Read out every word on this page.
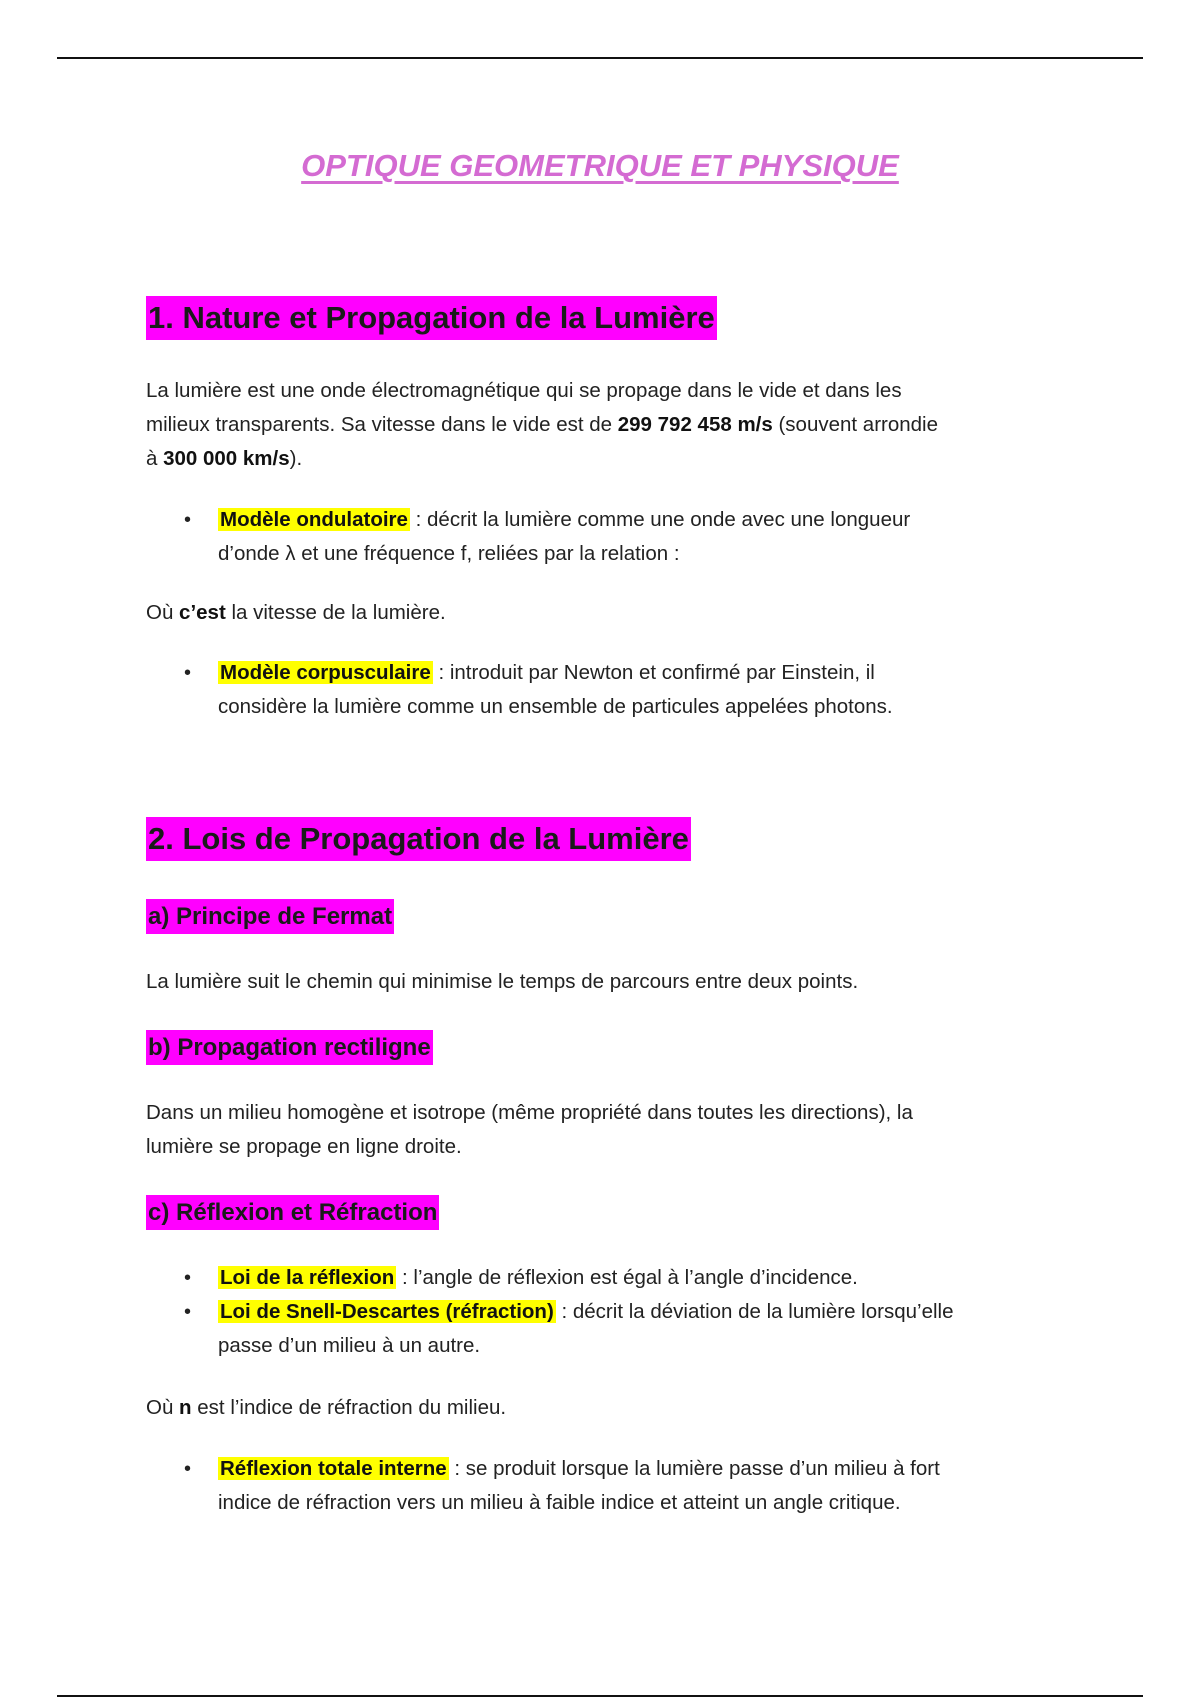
OPTIQUE GEOMETRIQUE ET PHYSIQUE
1. Nature et Propagation de la Lumière

La lumière est une onde électromagnétique qui se propage dans le vide et dans les
milieux transparents. Sa vitesse dans le vide est de 299 792 458 m/s (souvent arrondie
à 300 000 km/s).

• Modèle ondulatoire : décrit la lumière comme une onde avec une longueur
d’onde λ et une fréquence f, reliées par la relation :

Où c’est la vitesse de la lumière.

• Modèle corpusculaire : introduit par Newton et confirmé par Einstein, il
considère la lumière comme un ensemble de particules appelées photons.
2. Lois de Propagation de la Lumière
a) Principe de Fermat

La lumière suit le chemin qui minimise le temps de parcours entre deux points.

b) Propagation rectiligne

Dans un milieu homogène et isotrope (même propriété dans toutes les directions), la
lumière se propage en ligne droite.

c) Réflexion et Réfraction
• Loi de la réflexion : l’angle de réflexion est égal à l’angle d’incidence.
• Loi de Snell-Descartes (réfraction) : décrit la déviation de la lumière lorsqu’elle
passe d’un milieu à un autre.

Où n est l’indice de réfraction du milieu.

• Réflexion totale interne : se produit lorsque la lumière passe d’un milieu à fort
indice de réfraction vers un milieu à faible indice et atteint un angle critique.
